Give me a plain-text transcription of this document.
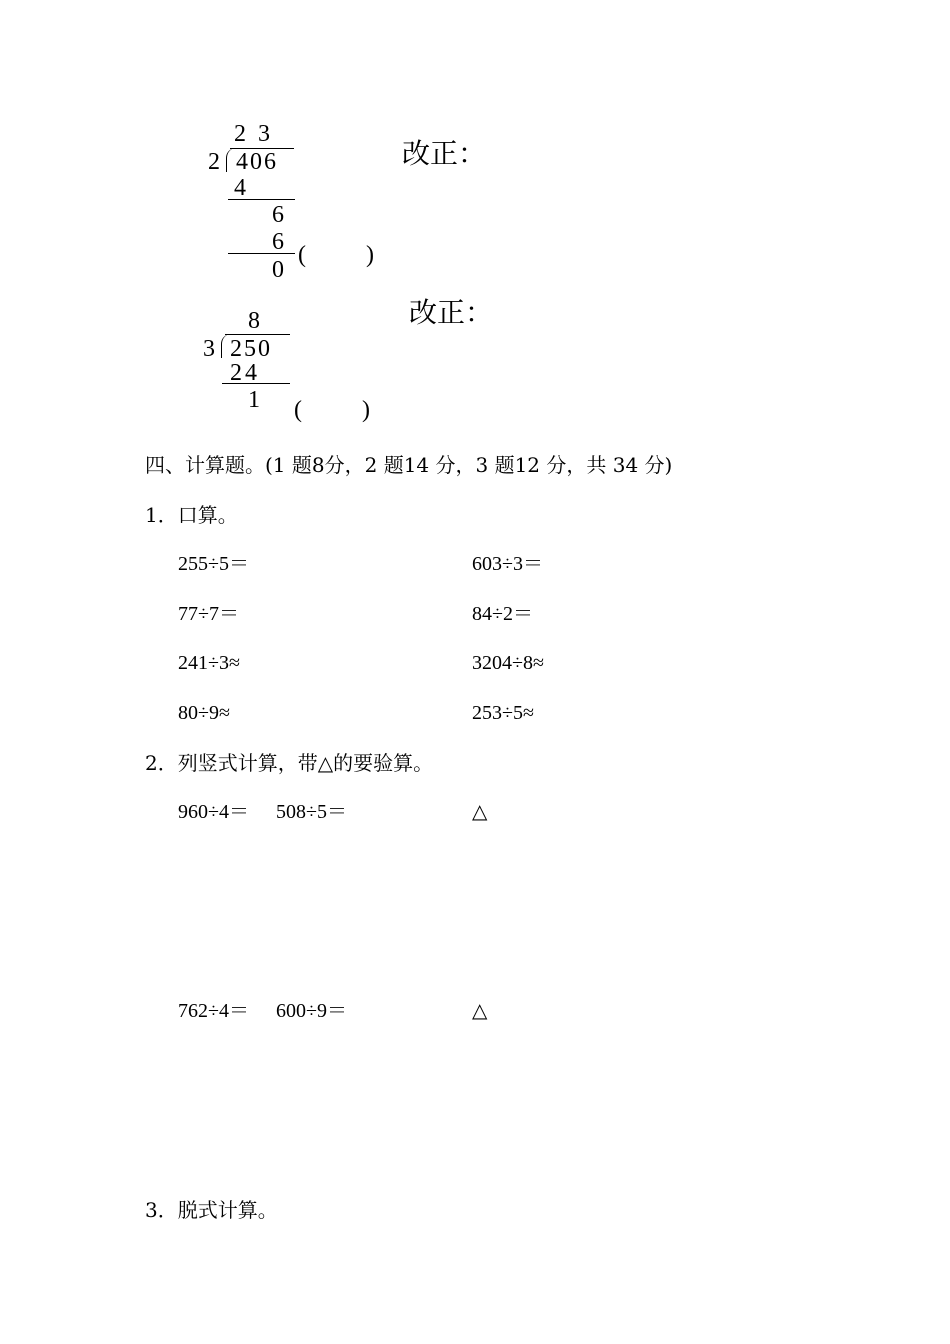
2 3
2 406
4
6
6
0
(          )
改正：
8
3 250
24
1 (          )
改正：
四、计算题。(1 题8分，2 题14 分，3 题12 分，共 34 分)
1．口算。
255÷5＝	603÷3＝
77÷7＝	84÷2＝
241÷3≈	3204÷8≈
80÷9≈	253÷5≈
2．列竖式计算，带△的要验算。
960÷4＝ 508÷5＝	△
762÷4＝ 600÷9＝	△
3．脱式计算。
